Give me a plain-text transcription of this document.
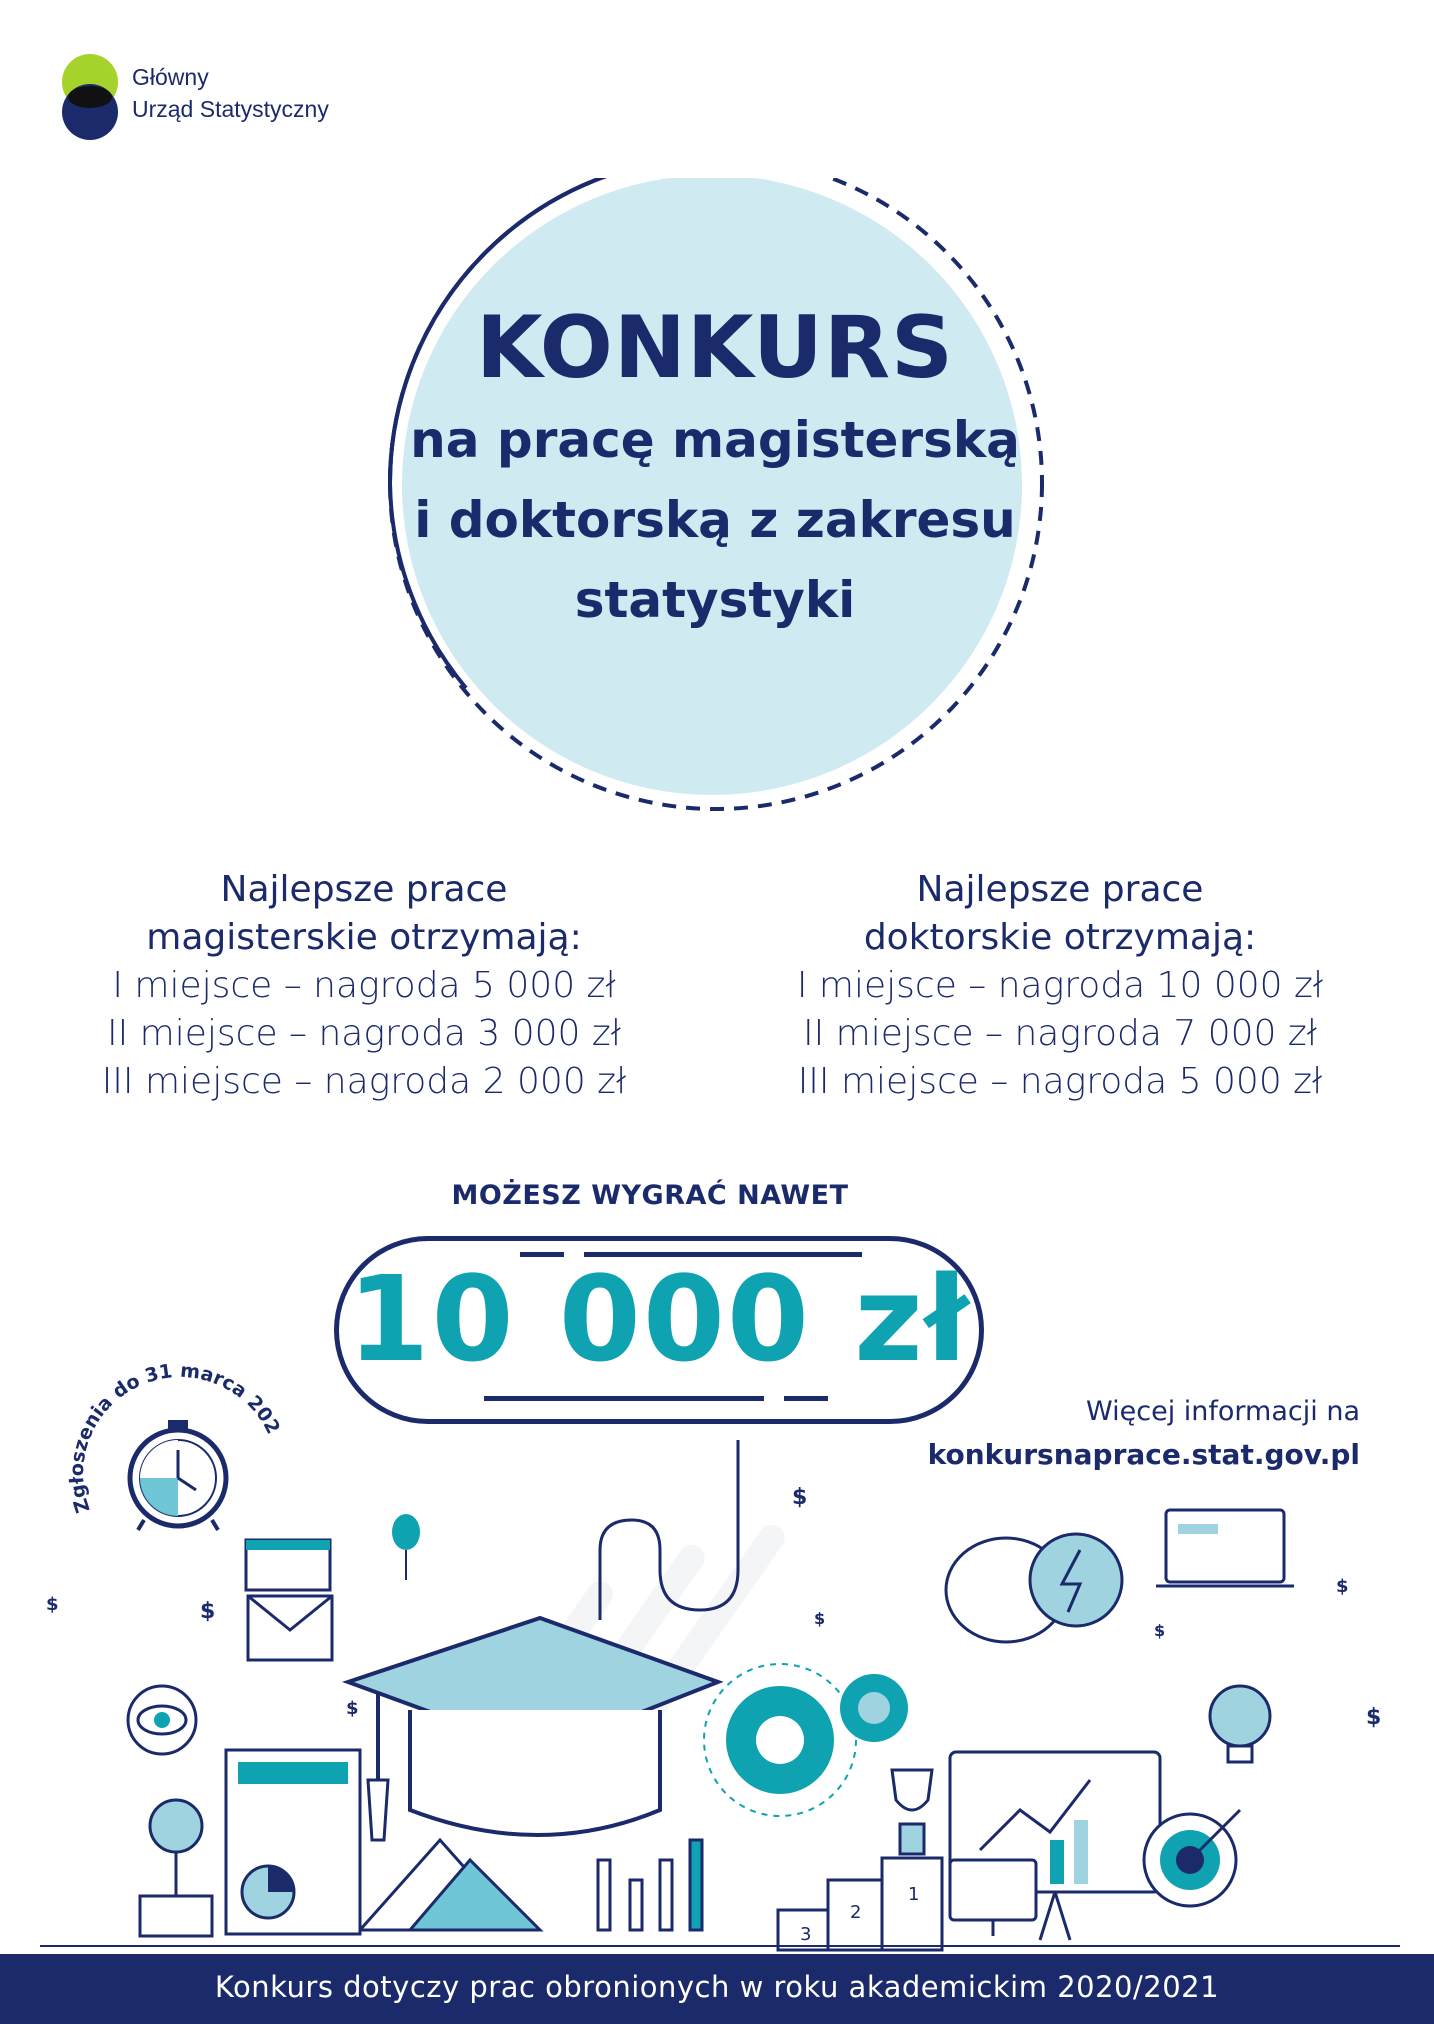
Główny
Urząd Statystyczny
KONKURS
na pracę magisterską
i doktorską z zakresu
statystyki
Najlepsze prace
magisterskie otrzymają:
I miejsce – nagroda 5 000 zł
II miejsce – nagroda 3 000 zł
III miejsce – nagroda 2 000 zł
Najlepsze prace
doktorskie otrzymają:
I miejsce – nagroda 10 000 zł
II miejsce – nagroda 7 000 zł
III miejsce – nagroda 5 000 zł
MOŻESZ WYGRAĆ NAWET
10 000 zł
Więcej informacji na
konkursnaprace.stat.gov.pl
Zgłoszenia do 31 marca 202
3
2
1
$
$
$
$
$
$
$
$
Konkurs dotyczy prac obronionych w roku akademickim 2020/2021
